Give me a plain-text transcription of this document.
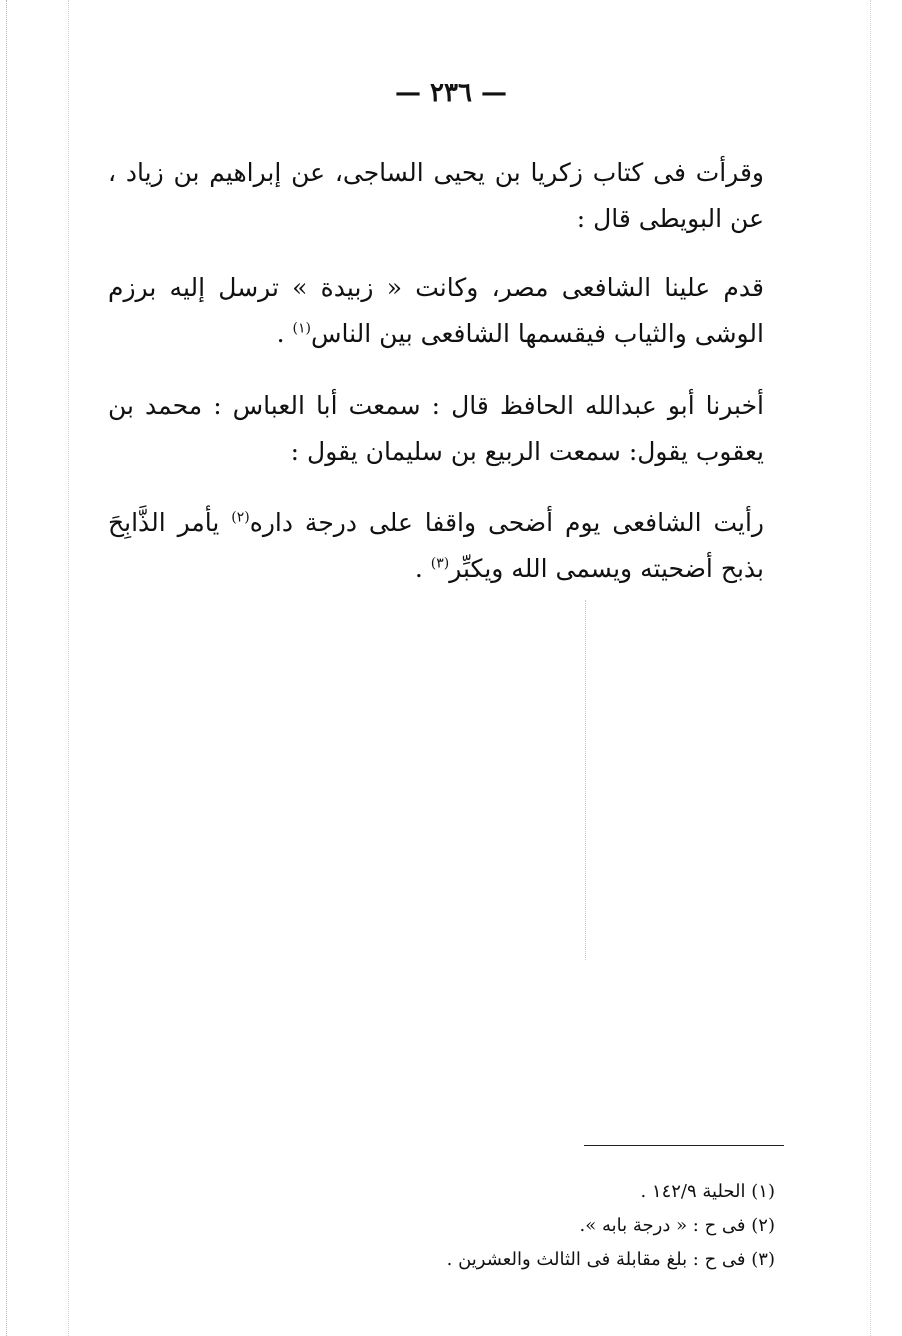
— ٢٣٦ —
وقرأت فى كتاب زكريا بن يحيى الساجى، عن إبراهيم بن زياد ، عن البويطى قال :
قدم علينا الشافعى مصر، وكانت « زبيدة » ترسل إليه برزم الوشى والثياب فيقسمها الشافعى بين الناس$^{(١)}$ .
أخبرنا أبو عبدالله الحافظ قال : سمعت أبا العباس : محمد بن يعقوب يقول: سمعت الربيع بن سليمان يقول :
رأيت الشافعى يوم أضحى واقفا على درجة داره$^{(٢)}$ يأمر الذَّابِحَ بذبح أضحيته ويسمى الله ويكبِّر$^{(٣)}$ .
(١) الحلية ١٤٢/٩ .
(٢) فى ح : « درجة بابه ».
(٣) فى ح : بلغ مقابلة فى الثالث والعشرين .
